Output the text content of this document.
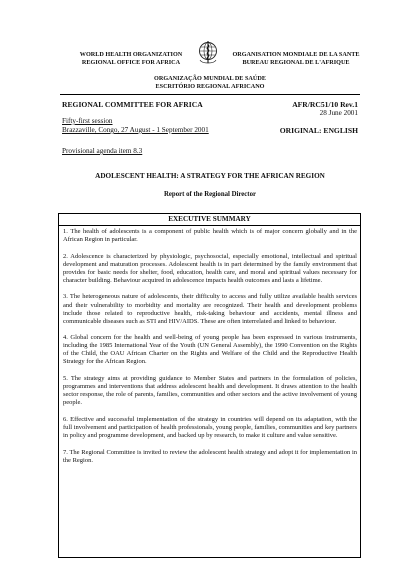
WORLD HEALTH ORGANIZATION
REGIONAL OFFICE FOR AFRICA
ORGANISATION MONDIALE DE LA SANTE
BUREAU REGIONAL DE L'AFRIQUE
ORGANIZAÇÃO MUNDIAL DE SAÚDE
ESCRITÓRIO REGIONAL AFRICANO
REGIONAL COMMITTEE FOR AFRICA	AFR/RC51/10 Rev.1
28 June 2001
Fifty-first session
Brazzaville, Congo, 27 August - 1 September 2001	ORIGINAL: ENGLISH
Provisional agenda item 8.3
ADOLESCENT HEALTH: A STRATEGY FOR THE AFRICAN REGION
Report of the Regional Director
EXECUTIVE SUMMARY

1. The health of adolescents is a component of public health which is of major concern globally and in the African Region in particular.

2. Adolescence is characterized by physiologic, psychosocial, especially emotional, intellectual and spiritual development and maturation processes. Adolescent health is in part determined by the family environment that provides for basic needs for shelter, food, education, health care, and moral and spiritual values necessary for character building. Behaviour acquired in adolescence impacts health outcomes and lasts a lifetime.

3. The heterogeneous nature of adolescents, their difficulty to access and fully utilize available health services and their vulnerability to morbidity and mortality are recognized. Their health and development problems include those related to reproductive health, risk-taking behaviour and accidents, mental illness and communicable diseases such as STI and HIV/AIDS. These are often interrelated and linked to behaviour.

4. Global concern for the health and well-being of young people has been expressed in various instruments, including the 1985 International Year of the Youth (UN General Assembly), the 1990 Convention on the Rights of the Child, the OAU African Charter on the Rights and Welfare of the Child and the Reproductive Health Strategy for the African Region.

5. The strategy aims at providing guidance to Member States and partners in the formulation of policies, programmes and interventions that address adolescent health and development. It draws attention to the health sector response, the role of parents, families, communities and other sectors and the active involvement of young people.

6. Effective and successful implementation of the strategy in countries will depend on its adaptation, with the full involvement and participation of health professionals, young people, families, communities and key partners in policy and programme development, and backed up by research, to make it culture and value sensitive.

7. The Regional Committee is invited to review the adolescent health strategy and adopt it for implementation in the Region.
